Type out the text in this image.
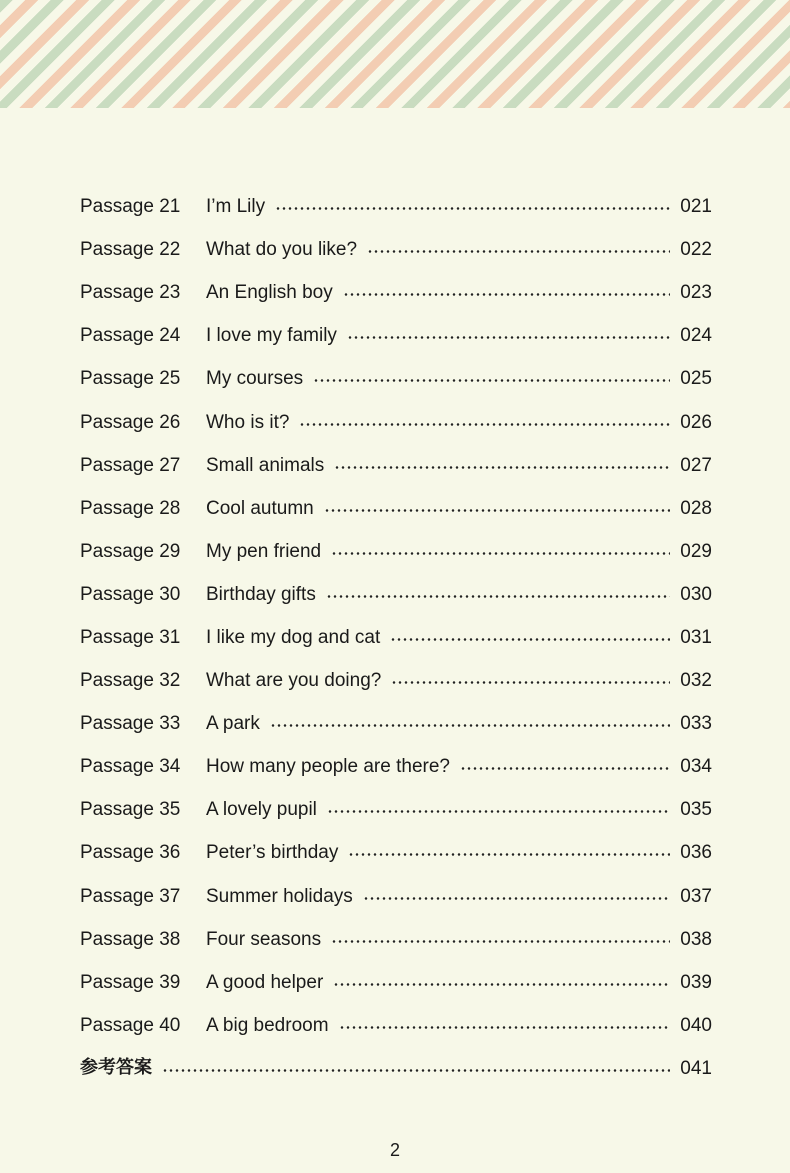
Passage 21	I’m Lily	021
Passage 22	What do you like?	022
Passage 23	An English boy	023
Passage 24	I love my family	024
Passage 25	My courses	025
Passage 26	Who is it?	026
Passage 27	Small animals	027
Passage 28	Cool autumn	028
Passage 29	My pen friend	029
Passage 30	Birthday gifts	030
Passage 31	I like my dog and cat	031
Passage 32	What are you doing?	032
Passage 33	A park	033
Passage 34	How many people are there?	034
Passage 35	A lovely pupil	035
Passage 36	Peter’s birthday	036
Passage 37	Summer holidays	037
Passage 38	Four seasons	038
Passage 39	A good helper	039
Passage 40	A big bedroom	040
参考答案	041
2
